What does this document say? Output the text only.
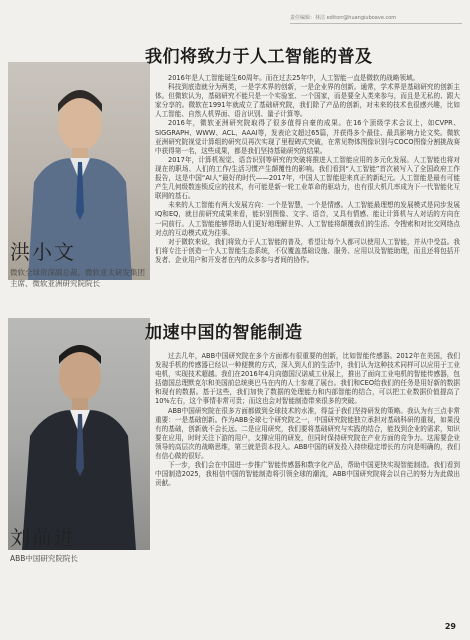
责任编辑：林洁 editorr@huangiuboave.com
洪小文
微软全球资深副总裁、微软亚太研发集团主席、微软亚洲研究院院长
我们将致力于人工智能的普及

2016年是人工智能诞生60周年。而在过去25年中，人工智能一直是微软的战略领域。

科技到底造就分为两类，一是学术界的创新，一是企业界的创新。通常，学术界是基础研究的创新主体。但微软认为，基础研究不能只是一个实验室、一个国家，而是要全人类来参与，而且是无私的、跟大家分享的。微软在1991年就成立了基础研究院，我们除了产品的创新，对未来的技术也很感兴趣，比如人工智能、自然人机界面、语言识别、量子计算等。

2016年，微软亚洲研究院取得了很多值得自豪的成果。在16个顶级学术会议上，如CVPR、SIGGRAPH、WWW、ACL、AAAI等，发表论文超过65篇，并获得多个最佳、最具影响力论文奖。微软亚洲研究院视觉计算组的研究员再次实现了里程碑式突破，在常见物体图像识别与COCO图像分割挑战赛中获得第一名，这些成果，都是我们坚持基础研究的结果。

2017年，计算机视觉、语音识别等研究的突破将推进人工智能应用的多元化发展。人工智能也将对现在的职场、人们的工作/生活习惯产生颠覆性的影响。我们看到“人工智能”首次被写入了全国政府工作报告，这是中国“AI人”最好的时代——2017年，中国人工智能迎来真正的新纪元。人工智能是最有可能产生几何级数连锁反应的技术，有可能是新一轮工业革命的驱动力，也有很大机几率成为下一代智能化互联网的基石。

未来的人工智能有两大发展方向：一个是智慧，一个是情感。人工智能最理想的发展模式是同步发展IQ和EQ，就目前研究成果来看，能识别图像、文字、语音，又具有情感、能让计算机与人对话的方向在一同前行。人工智能能够帮助人们更好地理解世界、人工智能将颠覆我们的生活、令搜索和对比交网络点对点的互动模式成为往事。

对于微软来说，我们将致力于人工智能的普及，希望让每个人都可以使用人工智能，并从中受益。我们将专注于创造一个人工智能生态系统，不仅覆盖基础设施、服务、应用以及智能助理，而且还将包括开发者、企业用户和开发者在内的众多参与者间的协作。

刘前进
ABB中国研究院院长
加速中国的智能制造

过去几年，ABB中国研究院在多个方面都有很重要的创新，比如智能传感器。2012年在美国，我们发现手机的传感器已经以一种便携的方式，深入到人们的生活中，我们认为这种技术同样可以应用于工业电机，实现技术超越。我们在2016年4月向德国汉诺威工业展上，推出了面向工业电机的智能传感器，包括德国总理默克尔和美国前总统奥巴马在内的人士参观了展台。我们和CEO给我们的任务是用好新的数据和现有的数据。基于这些，我们加快了数据的处理能力和内部智能的结合，可以把工业数据价值提高了10%左右，这个事情非常可贵；而这也会对智能制造带来很多的突破。

ABB中国研究院在很多方面都做到全球技术的水准，得益于我们坚持研发的策略。我认为有三点非常重要：一是基础创新。作为ABB全球七个研究院之一，中国研究院能独立承担对基础科研的重视，如果没有的基础，创新就不会长远。二是应用研究，我们要将基础研究与实践的结合，能找到企业的需求，知识要在应用，时时关注下游的用户，支撑应用的研发，但同时保持研究院在产业方面的竞争力。这需要企业领导的高层次的战略思维，第三就是资本投入。ABB中国的研发投入持续稳定增长的方向是明确的，我们有信心做的很好。

下一步，我们会在中国进一步推广智能传感器和数字化产品，帮助中国更快实现智能制造。我们看到中国制造2025，我相信中国的智能制造将引领全球的潮流，ABB中国研究院将会以自己的努力为此做出贡献。

29
